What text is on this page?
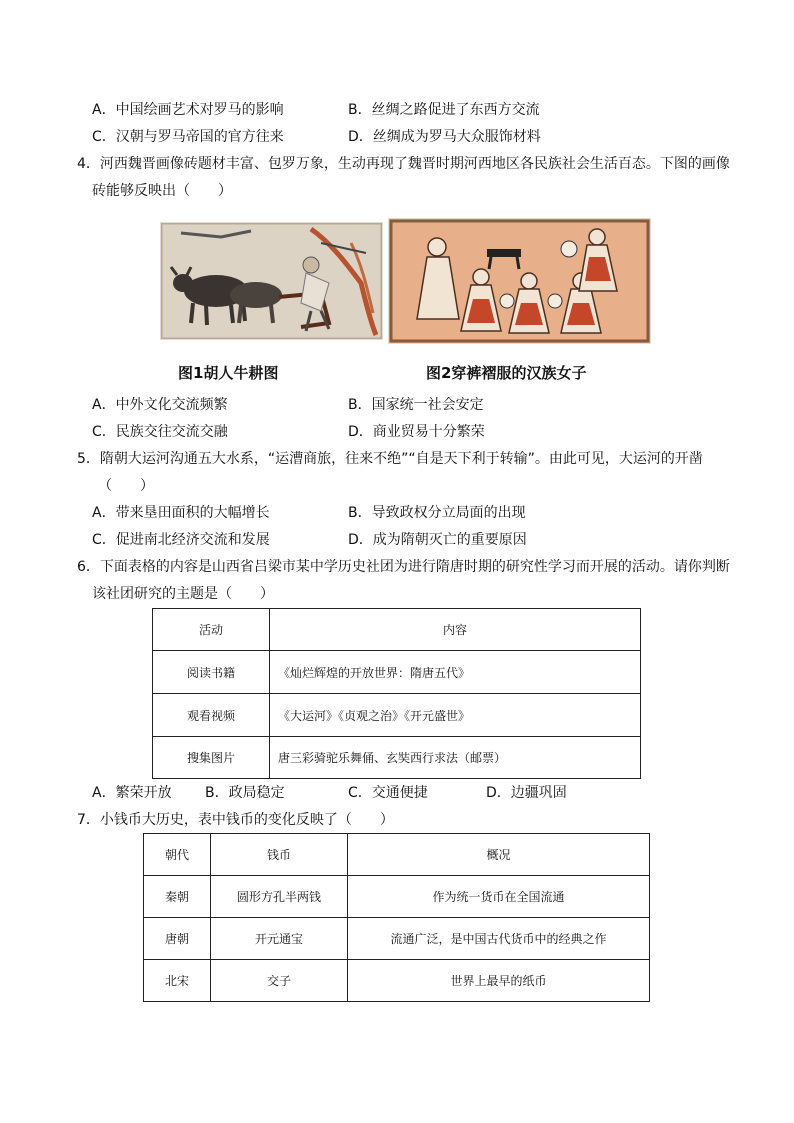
A．中国绘画艺术对罗马的影响	B．丝绸之路促进了东西方交流
C．汉朝与罗马帝国的官方往来	D．丝绸成为罗马大众服饰材料
4．河西魏晋画像砖题材丰富、包罗万象，生动再现了魏晋时期河西地区各民族社会生活百态。下图的画像
砖能够反映出（　　）
图1胡人牛耕图	图2穿裤褶服的汉族女子
A．中外文化交流频繁	B．国家统一社会安定
C．民族交往交流交融	D．商业贸易十分繁荣
5．隋朝大运河沟通五大水系，“运漕商旅，往来不绝”“自是天下利于转输”。由此可见，大运河的开凿
（　　）
A．带来垦田面积的大幅增长	B．导致政权分立局面的出现
C．促进南北经济交流和发展	D．成为隋朝灭亡的重要原因
6．下面表格的内容是山西省吕梁市某中学历史社团为进行隋唐时期的研究性学习而开展的活动。请你判断
该社团研究的主题是（　　）
活动	内容
阅读书籍	《灿烂辉煌的开放世界：隋唐五代》
观看视频	《大运河》《贞观之治》《开元盛世》
搜集图片	唐三彩骑驼乐舞俑、玄奘西行求法（邮票）
A．繁荣开放 B．政局稳定	C．交通便捷	D．边疆巩固
7．小钱币大历史，表中钱币的变化反映了（　　）
朝代	钱币	概况
秦朝	圆形方孔半两钱	作为统一货币在全国流通
唐朝	开元通宝	流通广泛，是中国古代货币中的经典之作
北宋	交子	世界上最早的纸币
